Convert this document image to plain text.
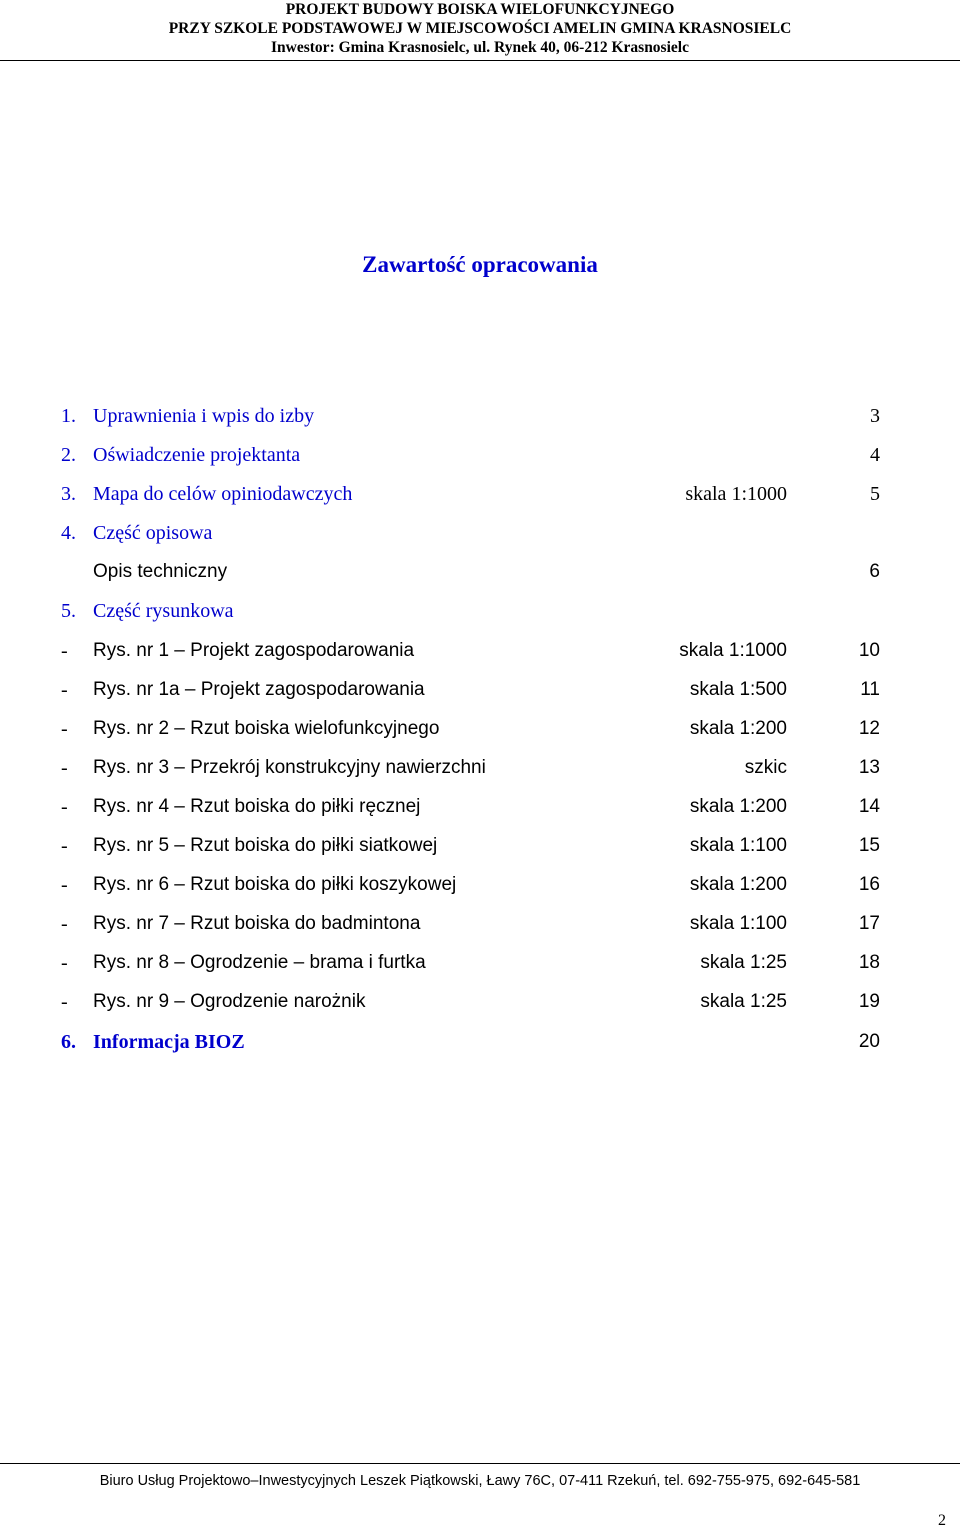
PROJEKT BUDOWY BOISKA WIELOFUNKCYJNEGO
PRZY SZKOLE PODSTAWOWEJ W MIEJSCOWOŚCI AMELIN GMINA KRASNOSIELC
Inwestor: Gmina Krasnosielc, ul. Rynek 40, 06-212 Krasnosielc
Zawartość opracowania
1. Uprawnienia i wpis do izby	3
2. Oświadczenie projektanta	4
3. Mapa do celów opiniodawczych	skala 1:1000	5
4. Część opisowa
Opis techniczny	6
5. Część rysunkowa
- Rys. nr 1 – Projekt zagospodarowania	skala 1:1000	10
- Rys. nr 1a – Projekt zagospodarowania	skala 1:500	11
- Rys. nr 2 – Rzut boiska wielofunkcyjnego	skala 1:200	12
- Rys. nr 3 – Przekrój konstrukcyjny nawierzchni	szkic	13
- Rys. nr 4 – Rzut boiska do piłki ręcznej	skala 1:200	14
- Rys. nr 5 – Rzut boiska do piłki siatkowej	skala 1:100	15
- Rys. nr 6 – Rzut boiska do piłki koszykowej	skala 1:200	16
- Rys. nr 7 – Rzut boiska do badmintona	skala 1:100	17
- Rys. nr 8 – Ogrodzenie – brama i furtka	skala 1:25	18
- Rys. nr 9 – Ogrodzenie narożnik	skala 1:25	19
6. Informacja BIOZ	20
Biuro Usług Projektowo–Inwestycyjnych Leszek Piątkowski, Ławy 76C, 07-411 Rzekuń, tel. 692-755-975, 692-645-581
2
